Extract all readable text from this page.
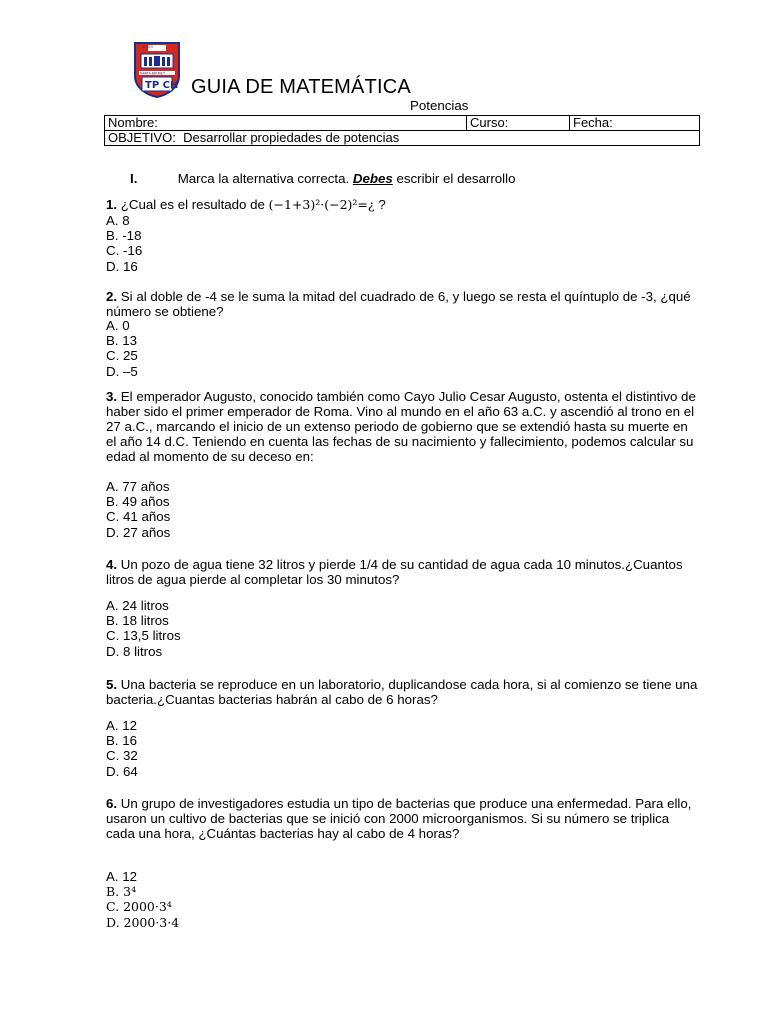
LICEO
MARTA BRUNET
TP CH GUIA DE MATEMÁTICA
Potencias
Nombre:	Curso:	Fecha:
OBJETIVO: Desarrollar propiedades de potencias
I.	Marca la alternativa correcta. Debes escribir el desarrollo
1. ¿Cual es el resultado de (−1+3)²·(−2)²=¿ ?
A. 8
B. -18
C. -16
D. 16
2. Si al doble de -4 se le suma la mitad del cuadrado de 6, y luego se resta el quíntuplo de -3, ¿qué número se obtiene?
A. 0
B. 13
C. 25
D. –5
3. El emperador Augusto, conocido también como Cayo Julio Cesar Augusto, ostenta el distintivo de haber sido el primer emperador de Roma. Vino al mundo en el año 63 a.C. y ascendió al trono en el 27 a.C., marcando el inicio de un extenso periodo de gobierno que se extendió hasta su muerte en el año 14 d.C. Teniendo en cuenta las fechas de su nacimiento y fallecimiento, podemos calcular su edad al momento de su deceso en:
A. 77 años
B. 49 años
C. 41 años
D. 27 años
4. Un pozo de agua tiene 32 litros y pierde 1/4 de su cantidad de agua cada 10 minutos.¿Cuantos litros de agua pierde al completar los 30 minutos?
A. 24 litros
B. 18 litros
C. 13,5 litros
D. 8 litros
5. Una bacteria se reproduce en un laboratorio, duplicandose cada hora, si al comienzo se tiene una bacteria.¿Cuantas bacterias habrán al cabo de 6 horas?
A. 12
B. 16
C. 32
D. 64
6. Un grupo de investigadores estudia un tipo de bacterias que produce una enfermedad. Para ello, usaron un cultivo de bacterias que se inició con 2000 microorganismos. Si su número se triplica cada una hora, ¿Cuántas bacterias hay al cabo de 4 horas?
A. 12
B. 3⁴
C. 2000·3⁴
D. 2000·3·4
